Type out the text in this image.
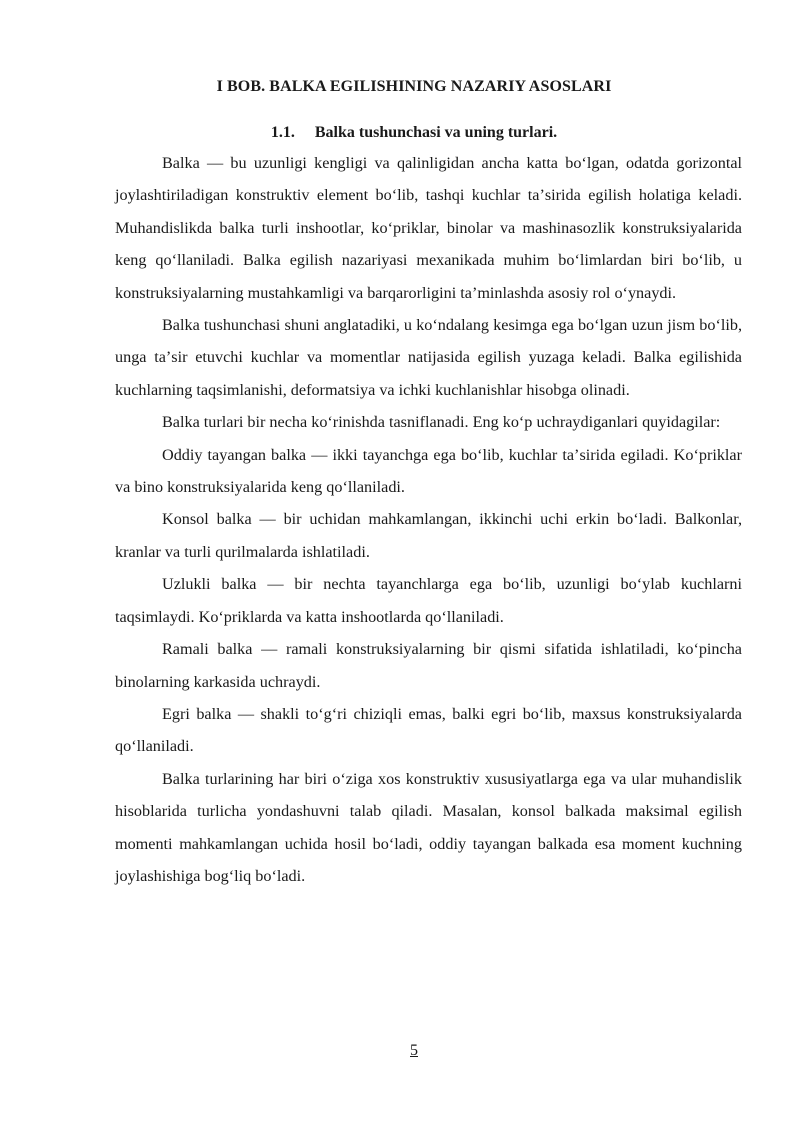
I BOB. BALKA EGILISHINING NAZARIY ASOSLARI
1.1. Balka tushunchasi va uning turlari.

Balka — bu uzunligi kengligi va qalinligidan ancha katta boʻlgan, odatda gorizontal joylashtiriladigan konstruktiv element boʻlib, tashqi kuchlar taʼsirida egilish holatiga keladi. Muhandislikda balka turli inshootlar, koʻpriklar, binolar va mashinasozlik konstruksiyalarida keng qoʻllaniladi. Balka egilish nazariyasi mexanikada muhim boʻlimlardan biri boʻlib, u konstruksiyalarning mustahkamligi va barqarorligini taʼminlashda asosiy rol oʻynaydi.

Balka tushunchasi shuni anglatadiki, u koʻndalang kesimga ega boʻlgan uzun jism boʻlib, unga taʼsir etuvchi kuchlar va momentlar natijasida egilish yuzaga keladi. Balka egilishida kuchlarning taqsimlanishi, deformatsiya va ichki kuchlanishlar hisobga olinadi.

Balka turlari bir necha koʻrinishda tasniflanadi. Eng koʻp uchraydiganlari quyidagilar:

Oddiy tayangan balka — ikki tayanchga ega boʻlib, kuchlar taʼsirida egiladi. Koʻpriklar va bino konstruksiyalarida keng qoʻllaniladi.

Konsol balka — bir uchidan mahkamlangan, ikkinchi uchi erkin boʻladi. Balkonlar, kranlar va turli qurilmalarda ishlatiladi.

Uzlukli balka — bir nechta tayanchlarga ega boʻlib, uzunligi boʻylab kuchlarni taqsimlaydi. Koʻpriklarda va katta inshootlarda qoʻllaniladi.

Ramali balka — ramali konstruksiyalarning bir qismi sifatida ishlatiladi, koʻpincha binolarning karkasida uchraydi.

Egri balka — shakli toʻgʻri chiziqli emas, balki egri boʻlib, maxsus konstruksiyalarda qoʻllaniladi.

Balka turlarining har biri oʻziga xos konstruktiv xususiyatlarga ega va ular muhandislik hisoblarida turlicha yondashuvni talab qiladi. Masalan, konsol balkada maksimal egilish momenti mahkamlangan uchida hosil boʻladi, oddiy tayangan balkada esa moment kuchning joylashishiga bogʻliq boʻladi.

5
